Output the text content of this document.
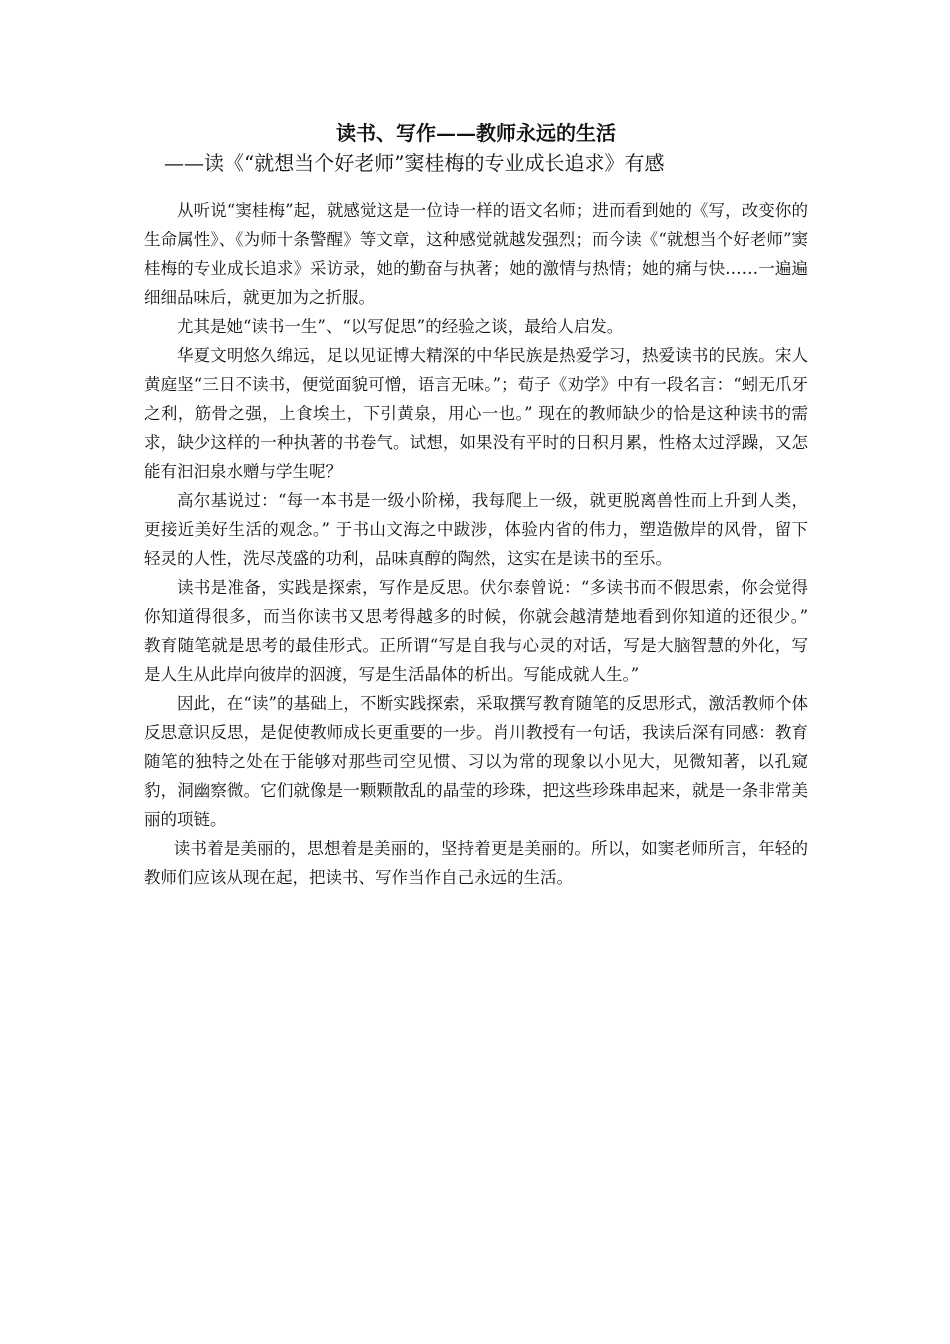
读书、写作——教师永远的生活
——读《“就想当个好老师”窦桂梅的专业成长追求》有感

从听说“窦桂梅”起，就感觉这是一位诗一样的语文名师；进而看到她的《写，改变你的生命属性》、《为师十条警醒》等文章，这种感觉就越发强烈；而今读《“就想当个好老师”窦桂梅的专业成长追求》采访录，她的勤奋与执著；她的激情与热情；她的痛与快……一遍遍细细品味后，就更加为之折服。

尤其是她“读书一生”、“以写促思”的经验之谈，最给人启发。

华夏文明悠久绵远，足以见证博大精深的中华民族是热爱学习，热爱读书的民族。宋人黄庭坚“三日不读书，便觉面貌可憎，语言无味。”；荀子《劝学》中有一段名言：“蚓无爪牙之利，筋骨之强，上食埃土，下引黄泉，用心一也。” 现在的教师缺少的恰是这种读书的需求，缺少这样的一种执著的书卷气。试想，如果没有平时的日积月累，性格太过浮躁，又怎能有汩汩泉水赠与学生呢？

高尔基说过：“每一本书是一级小阶梯，我每爬上一级，就更脱离兽性而上升到人类，更接近美好生活的观念。” 于书山文海之中跋涉，体验内省的伟力，塑造傲岸的风骨，留下轻灵的人性，洗尽茂盛的功利，品味真醇的陶然，这实在是读书的至乐。

读书是准备，实践是探索，写作是反思。伏尔泰曾说：“多读书而不假思索，你会觉得你知道得很多，而当你读书又思考得越多的时候，你就会越清楚地看到你知道的还很少。” 教育随笔就是思考的最佳形式。正所谓“写是自我与心灵的对话，写是大脑智慧的外化，写是人生从此岸向彼岸的泅渡，写是生活晶体的析出。写能成就人生。”

因此，在“读”的基础上，不断实践探索，采取撰写教育随笔的反思形式，激活教师个体反思意识反思，是促使教师成长更重要的一步。肖川教授有一句话，我读后深有同感：教育随笔的独特之处在于能够对那些司空见惯、习以为常的现象以小见大，见微知著，以孔窥豹，洞幽察微。它们就像是一颗颗散乱的晶莹的珍珠，把这些珍珠串起来，就是一条非常美丽的项链。

读书着是美丽的，思想着是美丽的，坚持着更是美丽的。所以，如窦老师所言，年轻的教师们应该从现在起，把读书、写作当作自己永远的生活。
